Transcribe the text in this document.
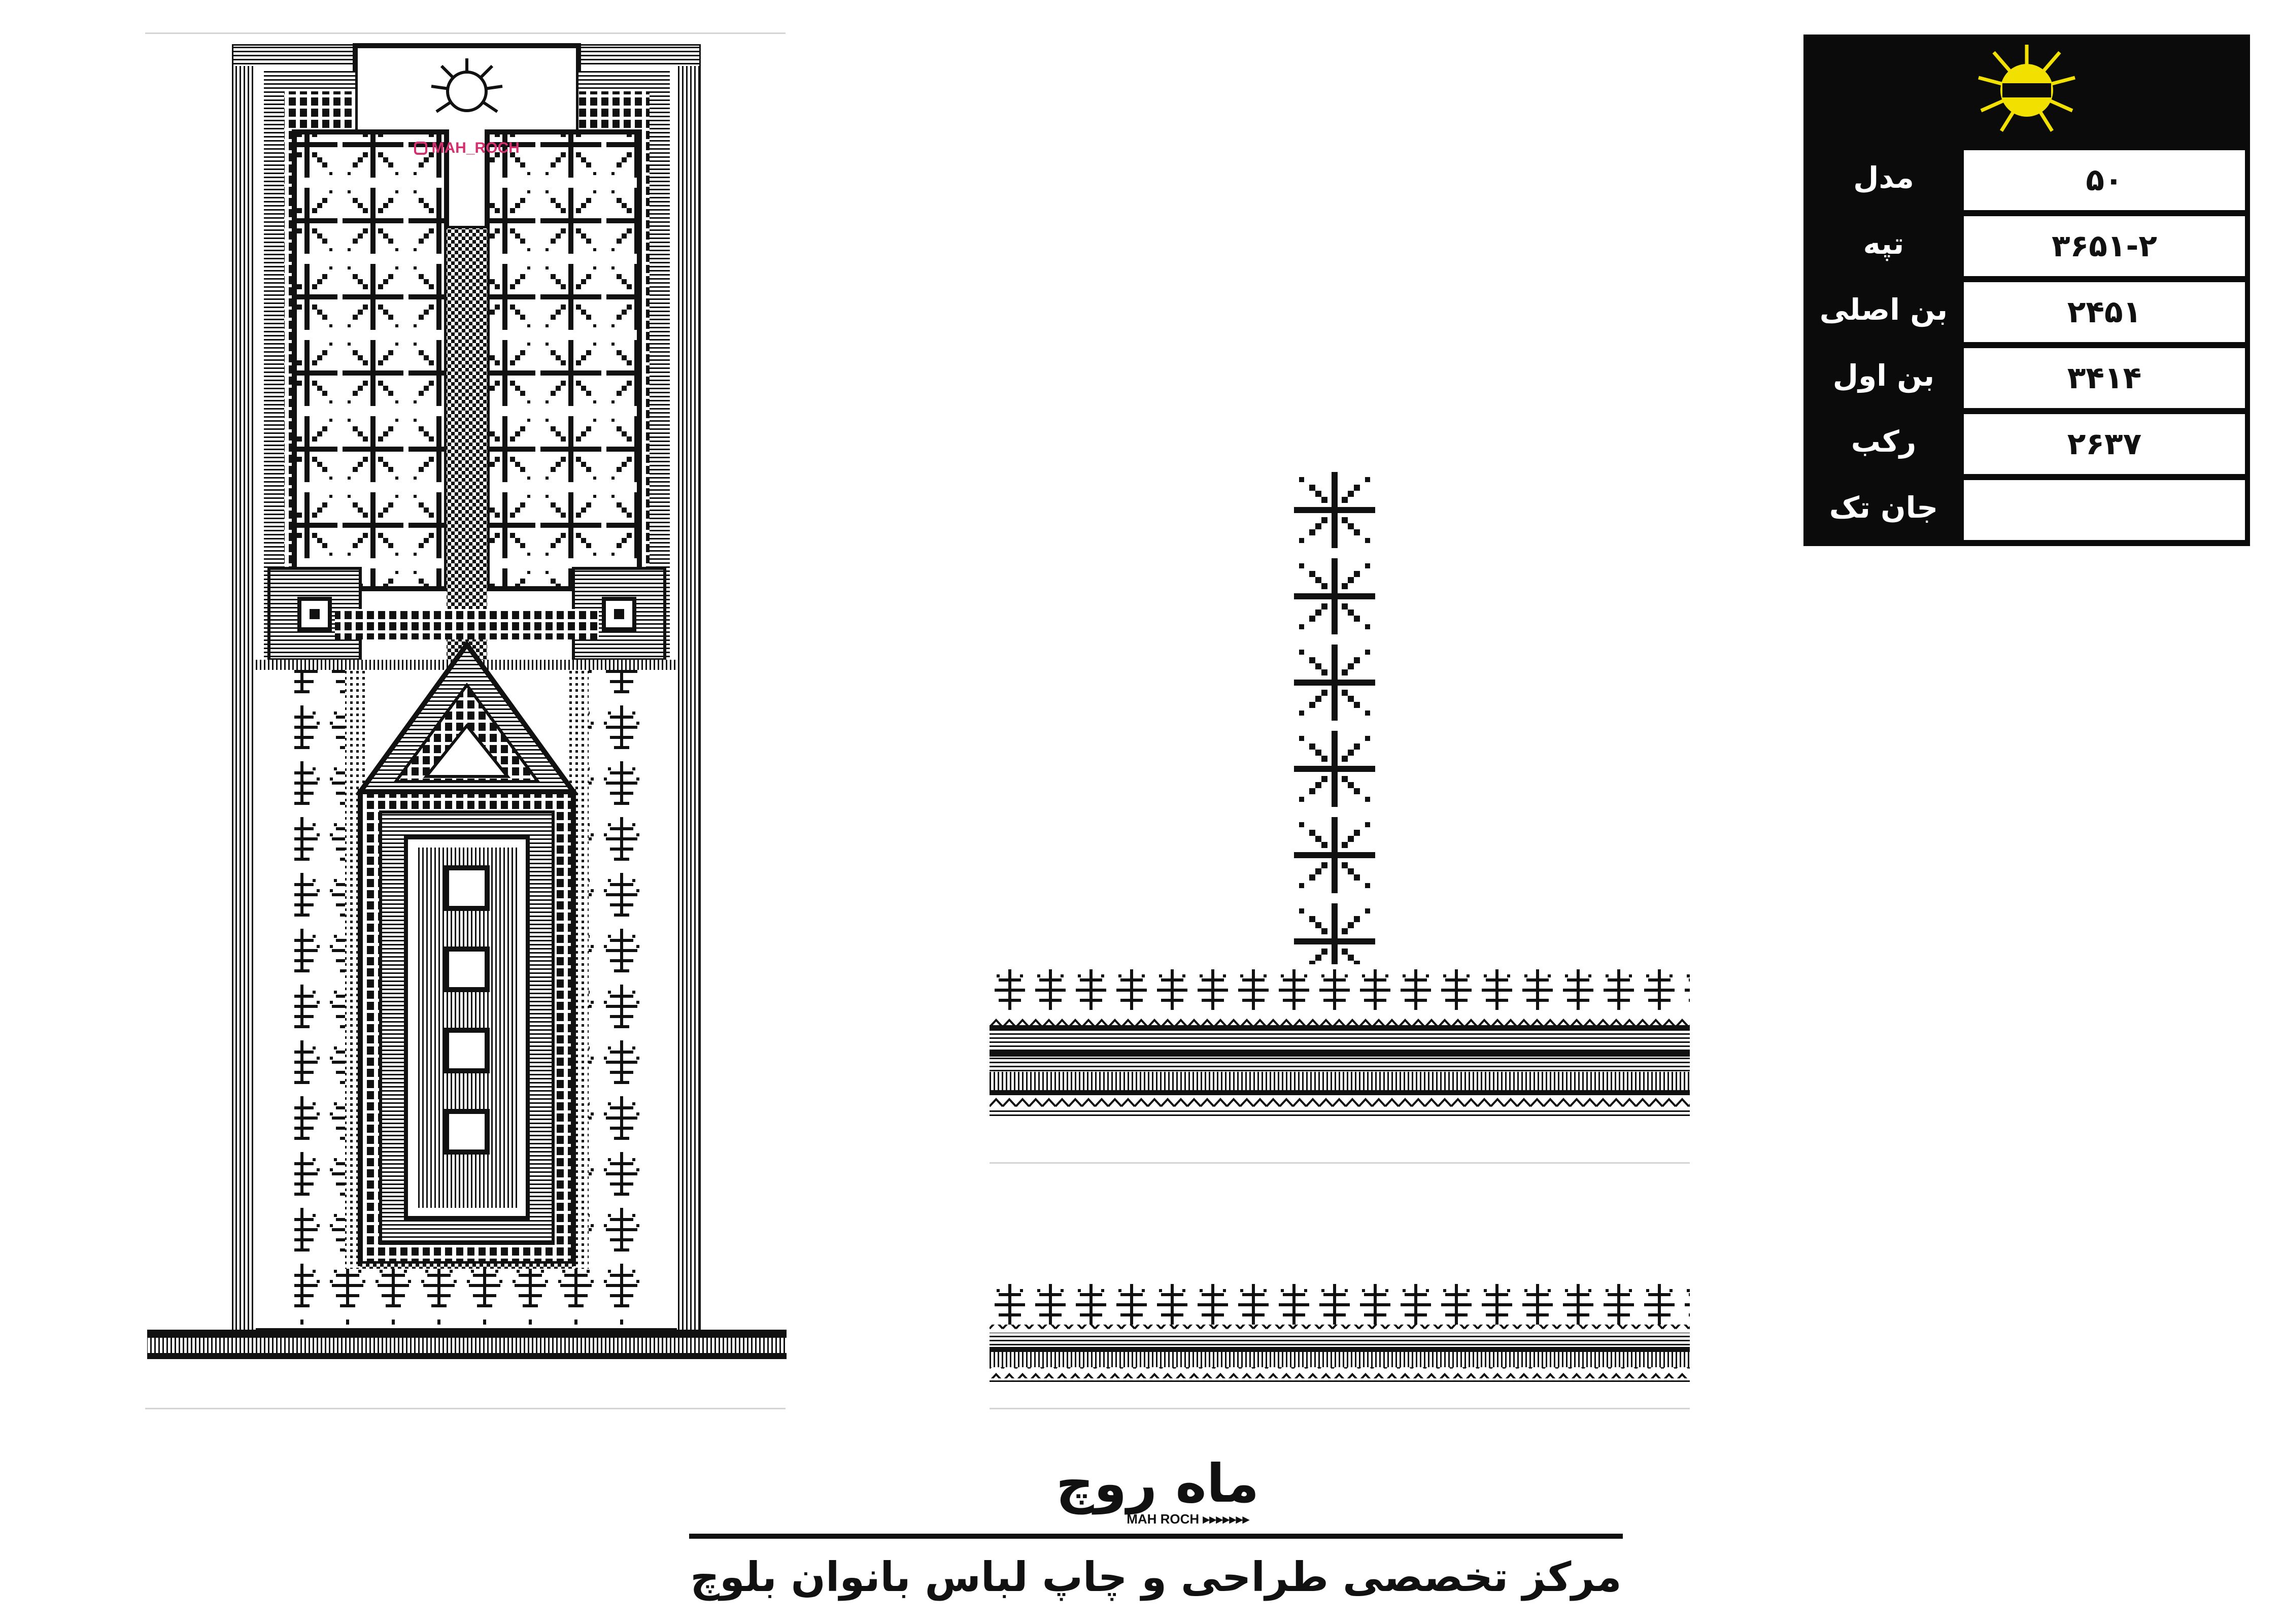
MAH_ROCH
مدل	۵۰
تپه	۳۶۵۱-۲
بن اصلی	۲۴۵۱
بن اول	۳۴۱۴
رکب	۲۶۳۷
جان تک
ماه روچ
MAH ROCH ▸▸▸▸▸▸▸
مرکز تخصصی طراحی و چاپ لباس بانوان بلوچ
